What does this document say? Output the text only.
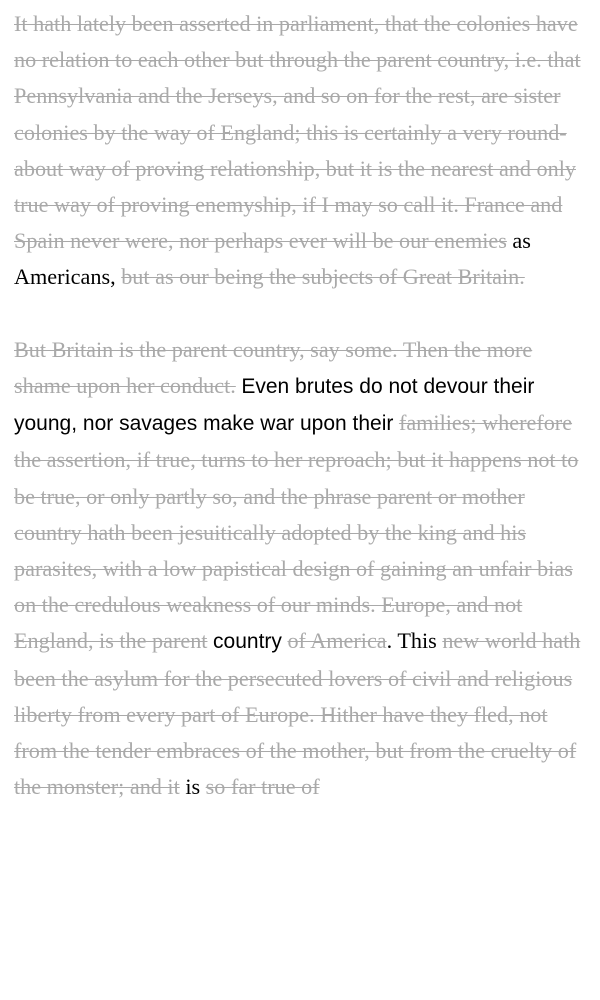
It hath lately been asserted in parliament, that the colonies have no relation to each other but through the parent country, i.e. that Pennsylvania and the Jerseys, and so on for the rest, are sister colonies by the way of England; this is certainly a very round-about way of proving relationship, but it is the nearest and only true way of proving enemyship, if I may so call it. France and Spain never were, nor perhaps ever will be our enemies as Americans, but as our being the subjects of Great Britain.

But Britain is the parent country, say some. Then the more shame upon her conduct. Even brutes do not devour their young, nor savages make war upon their families; wherefore the assertion, if true, turns to her reproach; but it happens not to be true, or only partly so, and the phrase parent or mother country hath been jesuitically adopted by the king and his parasites, with a low papistical design of gaining an unfair bias on the credulous weakness of our minds. Europe, and not England, is the parent country of America. This new world hath been the asylum for the persecuted lovers of civil and religious liberty from every part of Europe. Hither have they fled, not from the tender embraces of the mother, but from the cruelty of the monster; and it is so far true of
